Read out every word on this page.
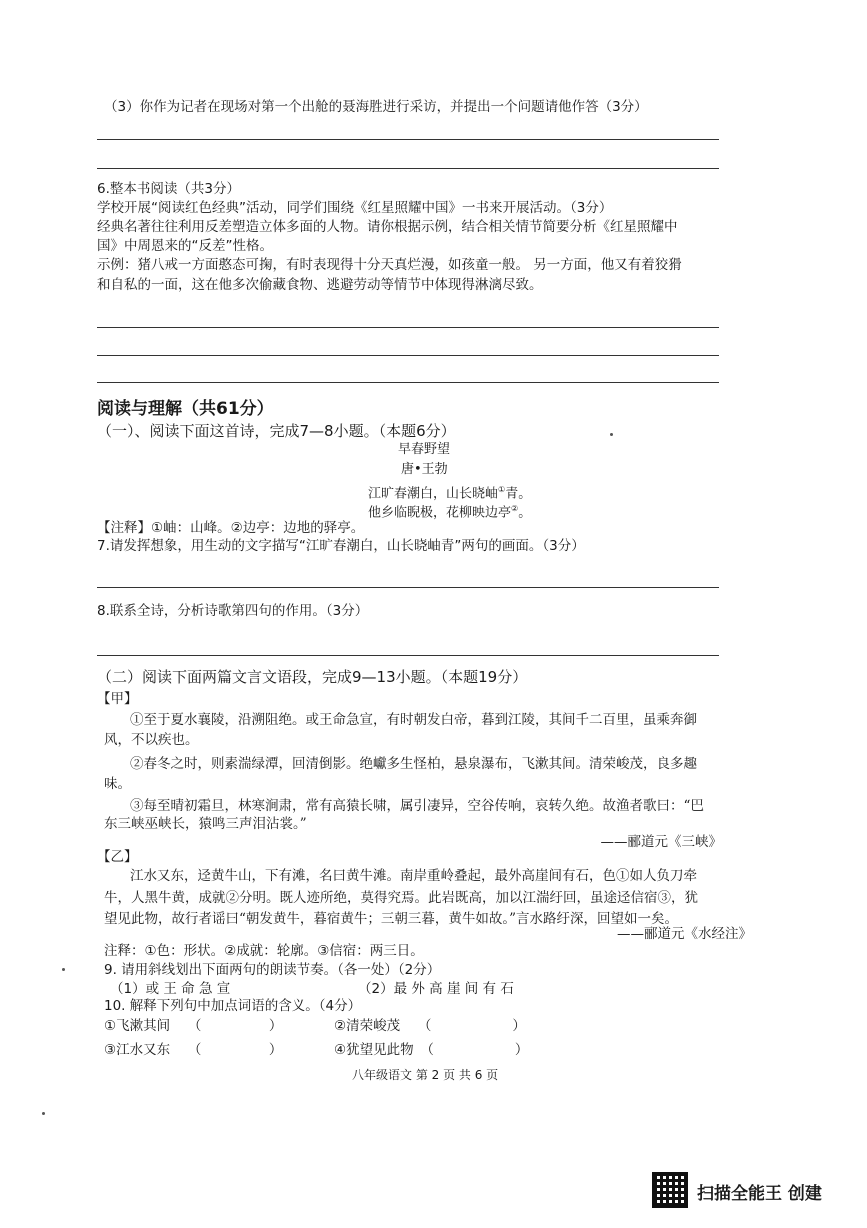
（3）你作为记者在现场对第一个出舱的聂海胜进行采访，并提出一个问题请他作答（3分）
6.整本书阅读（共3分）
学校开展“阅读红色经典”活动，同学们围绕《红星照耀中国》一书来开展活动。（3分）
经典名著往往利用反差塑造立体多面的人物。请你根据示例，结合相关情节简要分析《红星照耀中
国》中周恩来的“反差”性格。
示例：猪八戒一方面憨态可掬，有时表现得十分天真烂漫，如孩童一般。 另一方面，他又有着狡猾
和自私的一面，这在他多次偷藏食物、逃避劳动等情节中体现得淋漓尽致。
阅读与理解（共61分）
（一）、阅读下面这首诗，完成7—8小题。（本题6分）
早春野望
唐•王勃
江旷春潮白，山长晓岫①青。
他乡临睨极，花柳映边亭②。
【注释】①岫：山峰。②边亭：边地的驿亭。
7.请发挥想象，用生动的文字描写“江旷春潮白，山长晓岫青”两句的画面。（3分）
8.联系全诗，分析诗歌第四句的作用。（3分）
（二）阅读下面两篇文言文语段，完成9—13小题。（本题19分）
【甲】
①至于夏水襄陵，沿溯阻绝。或王命急宣，有时朝发白帝，暮到江陵，其间千二百里，虽乘奔御
风，不以疾也。
②春冬之时，则素湍绿潭，回清倒影。绝巘多生怪柏，悬泉瀑布，飞漱其间。清荣峻茂，良多趣
味。
③每至晴初霜旦，林寒涧肃，常有高猿长啸，属引凄异，空谷传响，哀转久绝。故渔者歌曰：“巴
东三峡巫峡长，猿鸣三声泪沾裳。”
——郦道元《三峡》
【乙】
江水又东，迳黄牛山，下有滩，名曰黄牛滩。南岸重岭叠起，最外高崖间有石，色①如人负刀牵
牛，人黑牛黄，成就②分明。既人迹所绝，莫得究焉。此岩既高，加以江湍纡回，虽途迳信宿③，犹
望见此物，故行者谣曰“朝发黄牛，暮宿黄牛；三朝三暮，黄牛如故。”言水路纡深，回望如一矣。
——郦道元《水经注》
注释：①色：形状。②成就：轮廓。③信宿：两三日。
9. 请用斜线划出下面两句的朗读节奏。（各一处）（2分）
（1）或 王 命 急 宣	（2）最 外 高 崖 间 有 石
10. 解释下列句中加点词语的含义。（4分）
①飞漱其间　 （　　　　　）	②清荣峻茂　 （　　　　　　）
③江水又东　 （　　　　　）	④犹望见此物　（　　　　　　）
八年级语文 第 2 页 共 6 页
扫描全能王 创建
